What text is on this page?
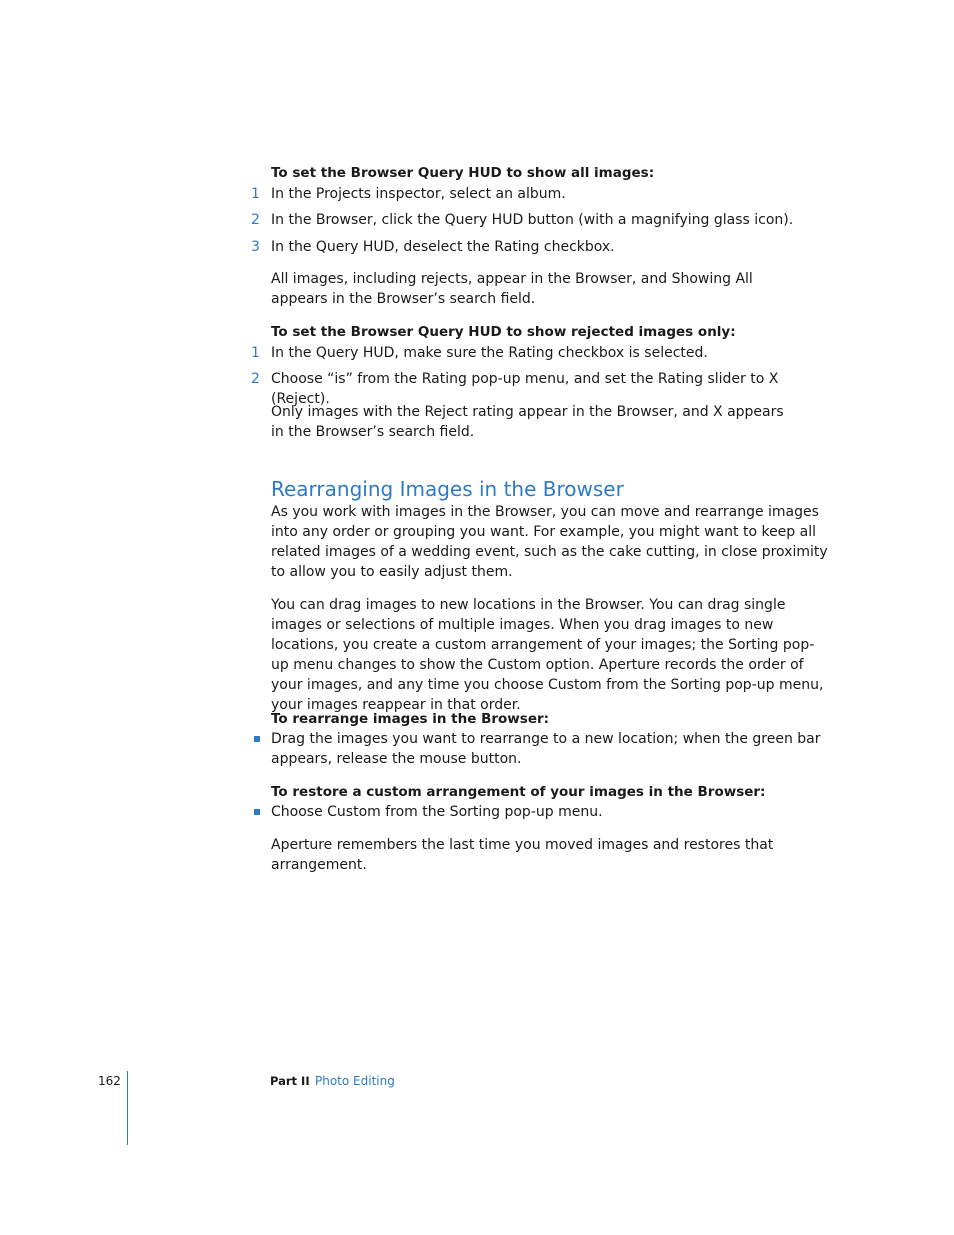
To set the Browser Query HUD to show all images:
1 In the Projects inspector, select an album.
2 In the Browser, click the Query HUD button (with a magnifying glass icon).
3 In the Query HUD, deselect the Rating checkbox.
All images, including rejects, appear in the Browser, and Showing All appears in the Browser’s search field.
To set the Browser Query HUD to show rejected images only:
1 In the Query HUD, make sure the Rating checkbox is selected.
2 Choose “is” from the Rating pop-up menu, and set the Rating slider to X (Reject).
Only images with the Reject rating appear in the Browser, and X appears in the Browser’s search field.
Rearranging Images in the Browser
As you work with images in the Browser, you can move and rearrange images into any order or grouping you want. For example, you might want to keep all related images of a wedding event, such as the cake cutting, in close proximity to allow you to easily adjust them.
You can drag images to new locations in the Browser. You can drag single images or selections of multiple images. When you drag images to new locations, you create a custom arrangement of your images; the Sorting pop-up menu changes to show the Custom option. Aperture records the order of your images, and any time you choose Custom from the Sorting pop-up menu, your images reappear in that order.
To rearrange images in the Browser:
Drag the images you want to rearrange to a new location; when the green bar appears, release the mouse button.
To restore a custom arrangement of your images in the Browser:
Choose Custom from the Sorting pop-up menu.
Aperture remembers the last time you moved images and restores that arrangement.
162	Part II Photo Editing
